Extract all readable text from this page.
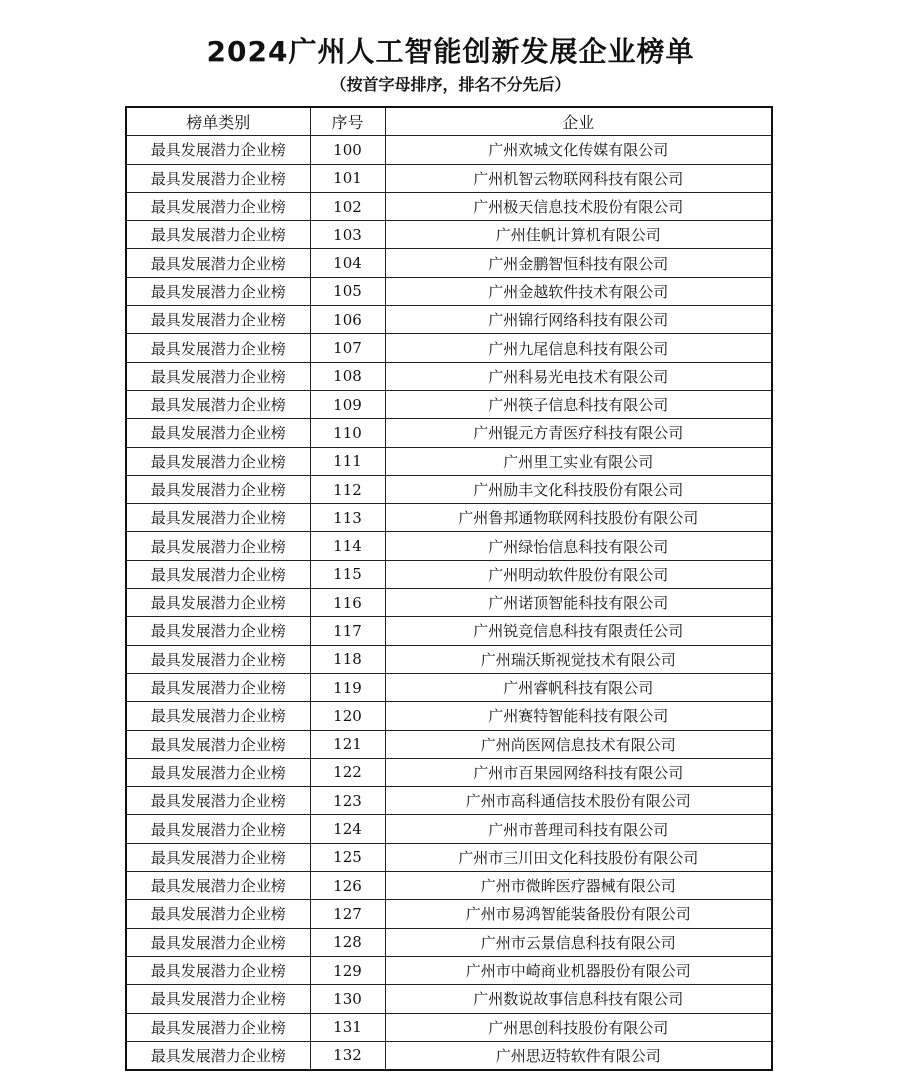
2024广州人工智能创新发展企业榜单
（按首字母排序，排名不分先后）
榜单类别	序号	企业
最具发展潜力企业榜	100	广州欢城文化传媒有限公司
最具发展潜力企业榜	101	广州机智云物联网科技有限公司
最具发展潜力企业榜	102	广州极天信息技术股份有限公司
最具发展潜力企业榜	103	广州佳帆计算机有限公司
最具发展潜力企业榜	104	广州金鹏智恒科技有限公司
最具发展潜力企业榜	105	广州金越软件技术有限公司
最具发展潜力企业榜	106	广州锦行网络科技有限公司
最具发展潜力企业榜	107	广州九尾信息科技有限公司
最具发展潜力企业榜	108	广州科易光电技术有限公司
最具发展潜力企业榜	109	广州筷子信息科技有限公司
最具发展潜力企业榜	110	广州锟元方青医疗科技有限公司
最具发展潜力企业榜	111	广州里工实业有限公司
最具发展潜力企业榜	112	广州励丰文化科技股份有限公司
最具发展潜力企业榜	113	广州鲁邦通物联网科技股份有限公司
最具发展潜力企业榜	114	广州绿怡信息科技有限公司
最具发展潜力企业榜	115	广州明动软件股份有限公司
最具发展潜力企业榜	116	广州诺顶智能科技有限公司
最具发展潜力企业榜	117	广州锐竞信息科技有限责任公司
最具发展潜力企业榜	118	广州瑞沃斯视觉技术有限公司
最具发展潜力企业榜	119	广州睿帆科技有限公司
最具发展潜力企业榜	120	广州赛特智能科技有限公司
最具发展潜力企业榜	121	广州尚医网信息技术有限公司
最具发展潜力企业榜	122	广州市百果园网络科技有限公司
最具发展潜力企业榜	123	广州市高科通信技术股份有限公司
最具发展潜力企业榜	124	广州市普理司科技有限公司
最具发展潜力企业榜	125	广州市三川田文化科技股份有限公司
最具发展潜力企业榜	126	广州市微眸医疗器械有限公司
最具发展潜力企业榜	127	广州市易鸿智能装备股份有限公司
最具发展潜力企业榜	128	广州市云景信息科技有限公司
最具发展潜力企业榜	129	广州市中崎商业机器股份有限公司
最具发展潜力企业榜	130	广州数说故事信息科技有限公司
最具发展潜力企业榜	131	广州思创科技股份有限公司
最具发展潜力企业榜	132	广州思迈特软件有限公司
